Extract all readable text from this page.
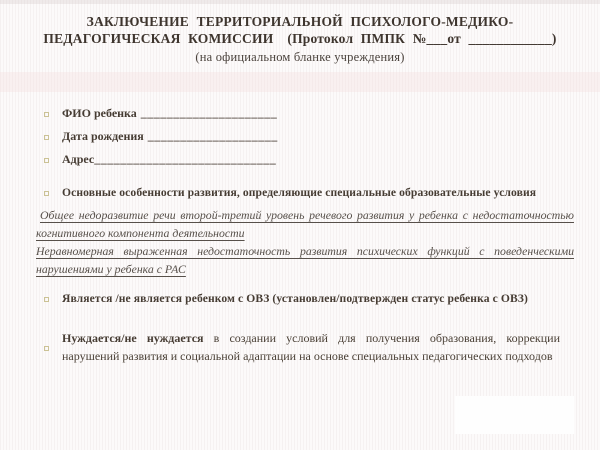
ЗАКЛЮЧЕНИЕ ТЕРРИТОРИАЛЬНОЙ ПСИХОЛОГО-МЕДИКО-
ПЕДАГОГИЧЕСКАЯ КОМИССИИ (Протокол ПМПК №___от ____________)
(на официальном бланке учреждения)
ФИО ребенка _____________________
Дата рождения ____________________
Адрес ____________________________
Основные особенности развития, определяющие специальные образовательные условия

Общее недоразвитие речи второй-третий уровень речевого развития у ребенка с недостаточностью когнитивного компонента деятельности

Неравномерная выраженная недостаточность развития психических функций с поведенческими нарушениями у ребенка с РАС

Является /не является ребенком с ОВЗ (установлен/подтвержден статус ребенка с ОВЗ)

Нуждается/не нуждается в создании условий для получения образования, коррекции нарушений развития и социальной адаптации на основе специальных педагогических подходов
